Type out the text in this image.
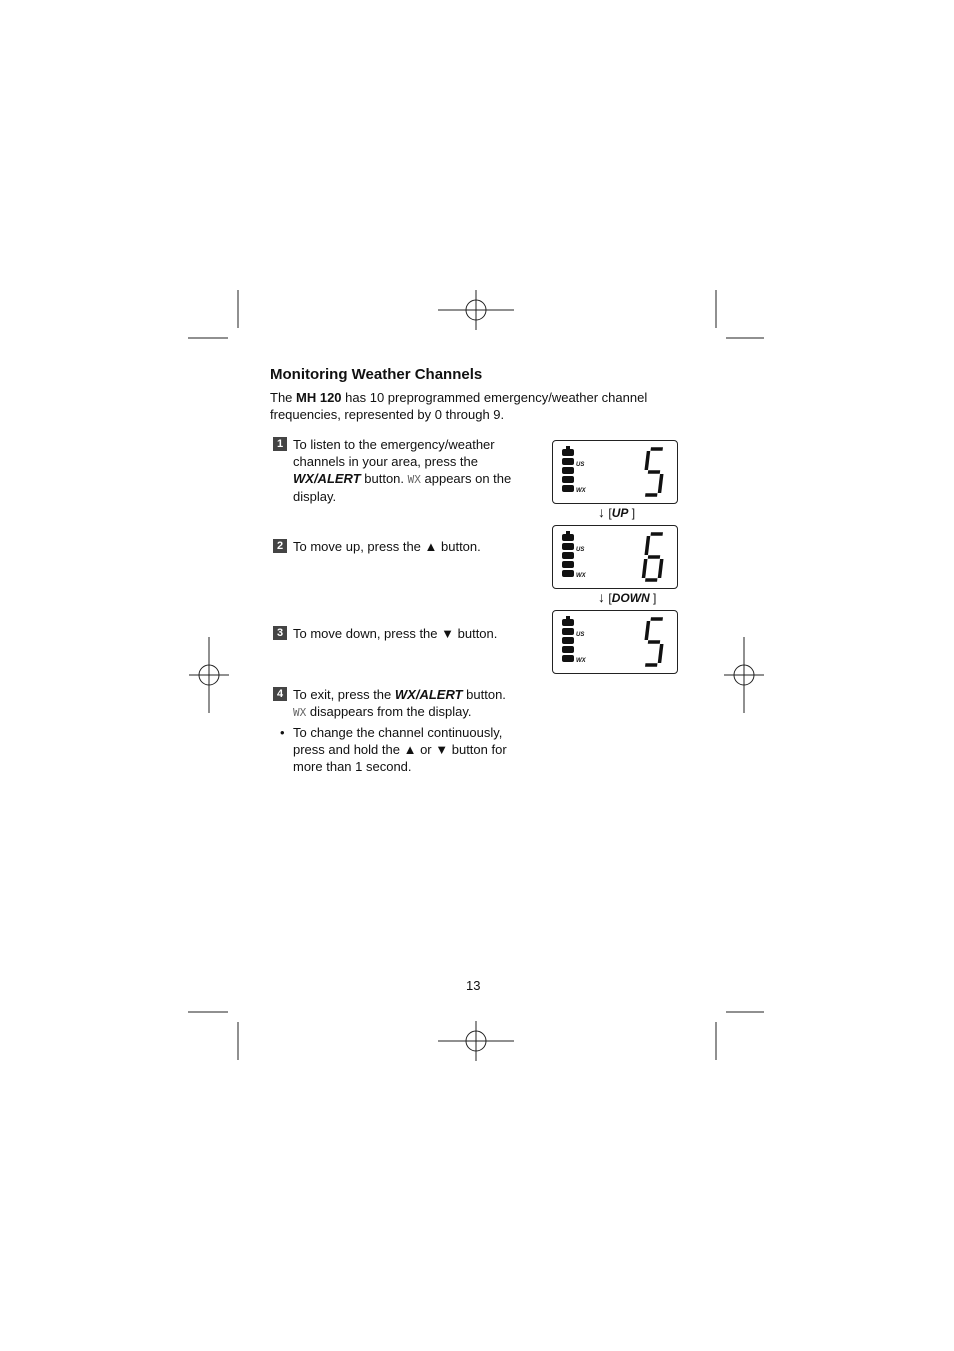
Monitoring Weather Channels

The MH 120 has 10 preprogrammed emergency/weather channel frequencies, represented by 0 through 9.

1 To listen to the emergency/weather channels in your area, press the WX/ALERT button. WX appears on the display.
2 To move up, press the ▲ button.
3 To move down, press the ▼ button.
4 To exit, press the WX/ALERT button.
WX disappears from the display.
• To change the channel continuously, press and hold the ▲ or ▼ button for more than 1 second.
US
WX
↓ [UP ]
US
WX
↓ [DOWN ]
US
WX
13
